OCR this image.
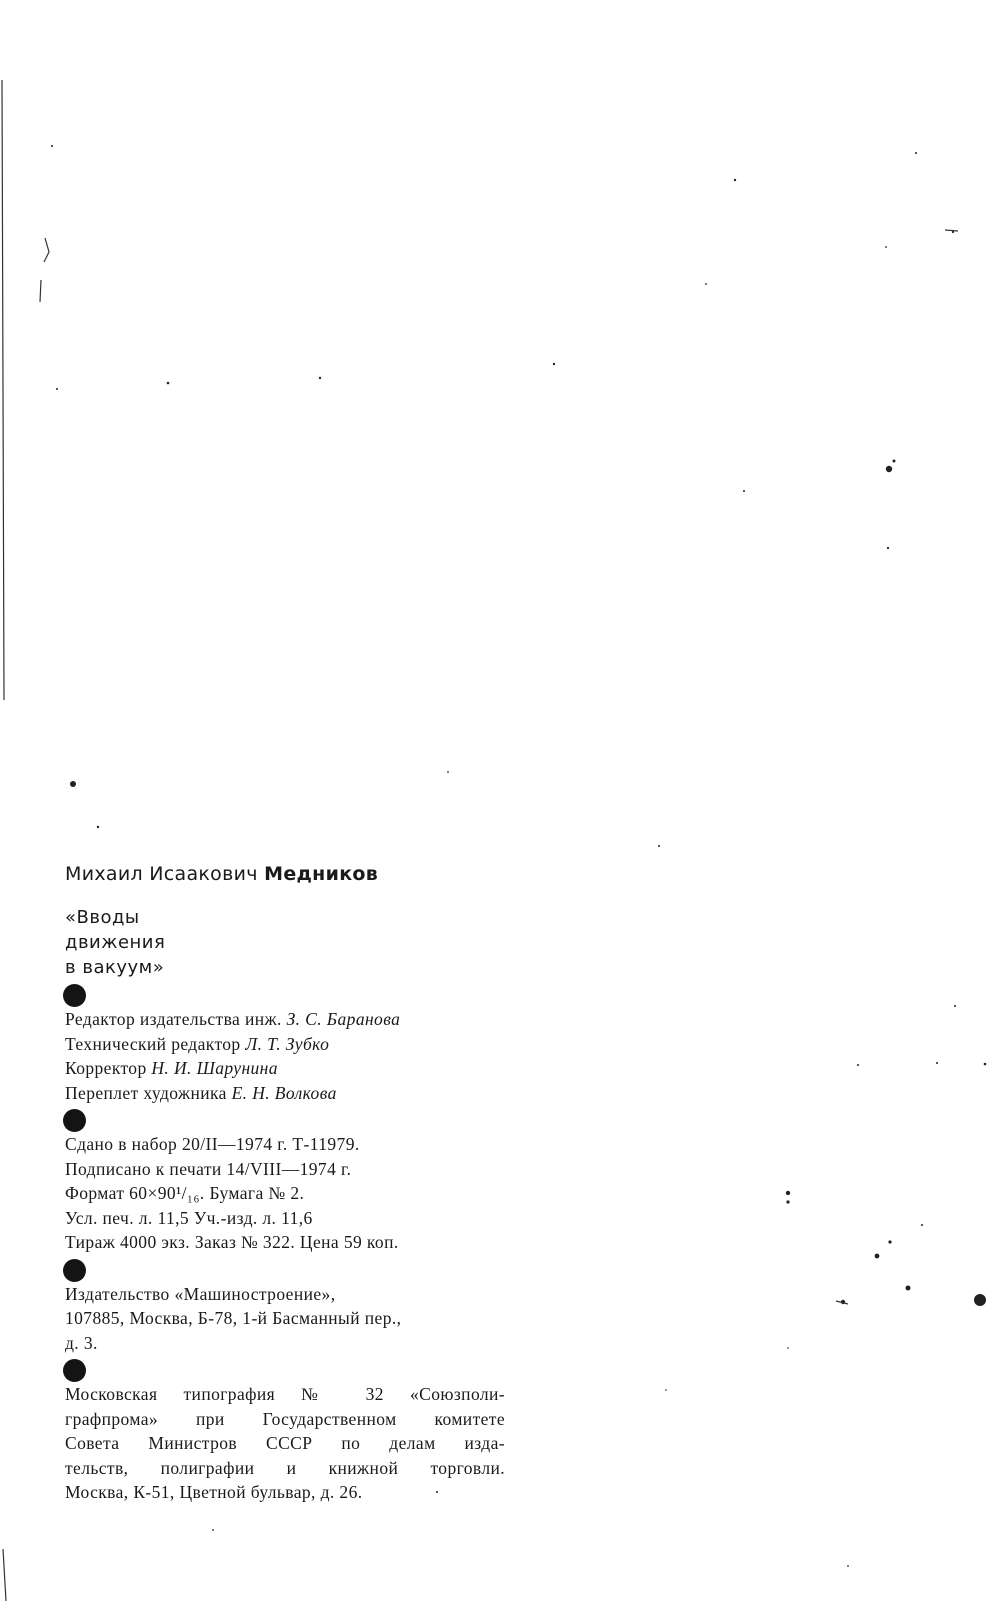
Михаил Исаакович Медников

«Вводы
движения
в вакуум»
Редактор издательства инж. З. С. Баранова
Технический редактор Л. Т. Зубко
Корректор Н. И. Шарунина
Переплет художника Е. Н. Волкова
Сдано в набор 20/II—1974 г. Т-11979.
Подписано к печати 14/VIII—1974 г.
Формат 60×90¹/₁₆. Бумага № 2.
Усл. печ. л. 11,5 Уч.-изд. л. 11,6
Тираж 4000 экз. Заказ № 322. Цена 59 коп.
Издательство «Машиностроение»,
107885, Москва, Б-78, 1-й Басманный пер.,
д. 3.
Московская типография № 32 «Союзполи-
графпрома» при Государственном комитете
Совета Министров СССР по делам изда-
тельств, полиграфии и книжной торговли.
Москва, К-51, Цветной бульвар, д. 26.
